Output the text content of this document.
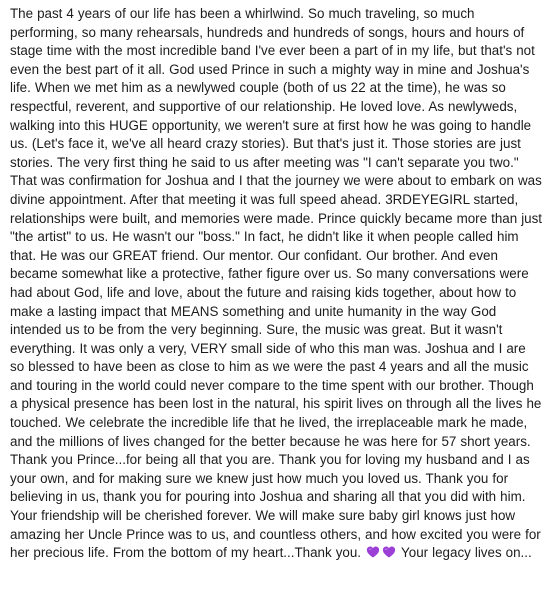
The past 4 years of our life has been a whirlwind. So much traveling, so much performing, so many rehearsals, hundreds and hundreds of songs, hours and hours of stage time with the most incredible band I've ever been a part of in my life, but that's not even the best part of it all. God used Prince in such a mighty way in mine and Joshua's life. When we met him as a newlywed couple (both of us 22 at the time), he was so respectful, reverent, and supportive of our relationship. He loved love. As newlyweds, walking into this HUGE opportunity, we weren't sure at first how he was going to handle us. (Let's face it, we've all heard crazy stories). But that's just it. Those stories are just stories. The very first thing he said to us after meeting was "I can't separate you two." That was confirmation for Joshua and I that the journey we were about to embark on was divine appointment. After that meeting it was full speed ahead. 3RDEYEGIRL started, relationships were built, and memories were made. Prince quickly became more than just "the artist" to us. He wasn't our "boss." In fact, he didn't like it when people called him that. He was our GREAT friend. Our mentor. Our confidant. Our brother. And even became somewhat like a protective, father figure over us. So many conversations were had about God, life and love, about the future and raising kids together, about how to make a lasting impact that MEANS something and unite humanity in the way God intended us to be from the very beginning. Sure, the music was great. But it wasn't everything. It was only a very, VERY small side of who this man was. Joshua and I are so blessed to have been as close to him as we were the past 4 years and all the music and touring in the world could never compare to the time spent with our brother. Though a physical presence has been lost in the natural, his spirit lives on through all the lives he touched. We celebrate the incredible life that he lived, the irreplaceable mark he made, and the millions of lives changed for the better because he was here for 57 short years. Thank you Prince...for being all that you are. Thank you for loving my husband and I as your own, and for making sure we knew just how much you loved us. Thank you for believing in us, thank you for pouring into Joshua and sharing all that you did with him. Your friendship will be cherished forever. We will make sure baby girl knows just how amazing her Uncle Prince was to us, and countless others, and how excited you were for her precious life. From the bottom of my heart...Thank you.	Your legacy lives on...
